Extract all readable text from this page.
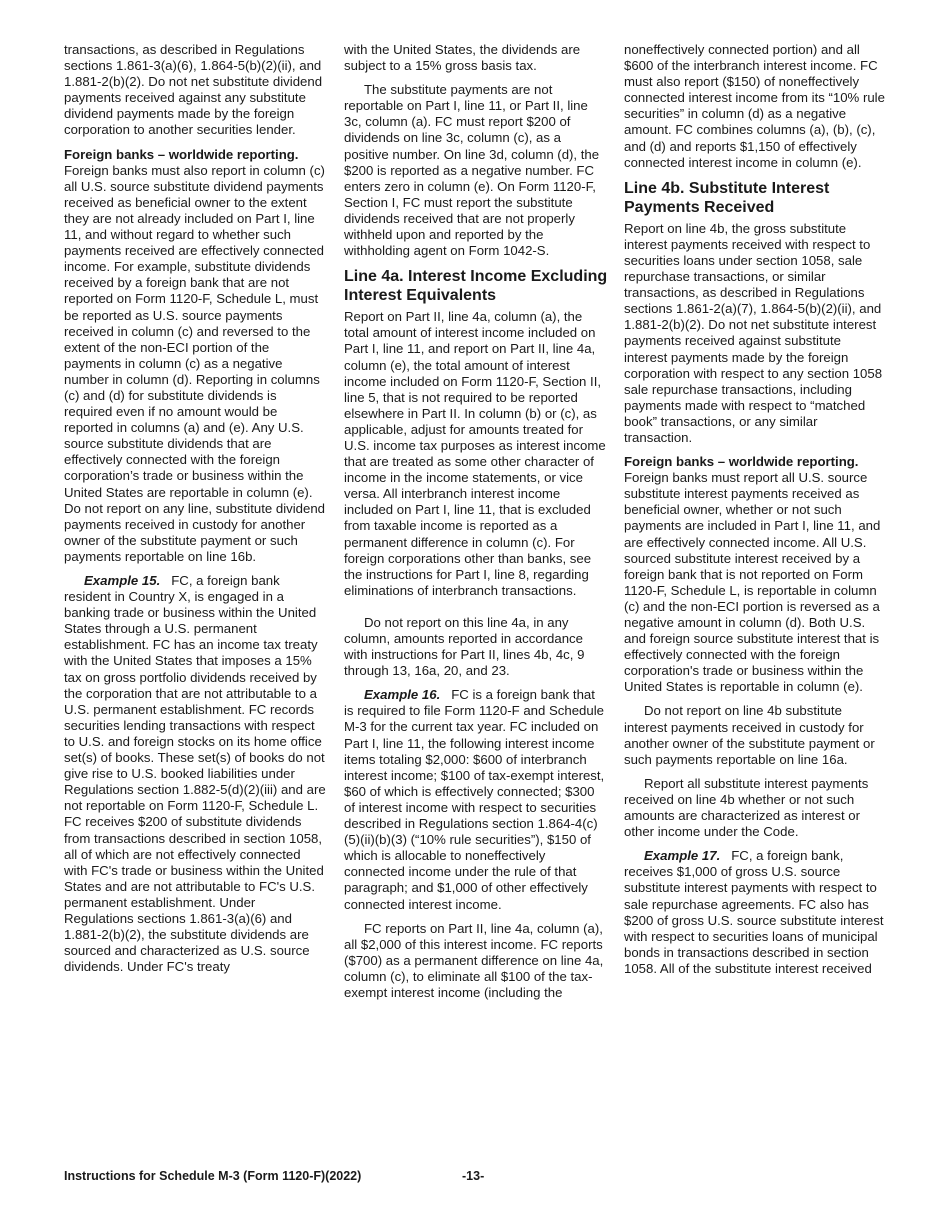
transactions, as described in Regulations sections 1.861-3(a)(6), 1.864-5(b)(2)(ii), and 1.881-2(b)(2). Do not net substitute dividend payments received against any substitute dividend payments made by the foreign corporation to another securities lender.

Foreign banks – worldwide reporting.  Foreign banks must also report in column (c) all U.S. source substitute dividend payments received as beneficial owner to the extent they are not already included on Part I, line 11, and without regard to whether such payments received are effectively connected income. For example, substitute dividends received by a foreign bank that are not reported on Form 1120-F, Schedule L, must be reported as U.S. source payments received in column (c) and reversed to the extent of the non-ECI portion of the payments in column (c) as a negative number in column (d). Reporting in columns (c) and (d) for substitute dividends is required even if no amount would be reported in columns (a) and (e). Any U.S. source substitute dividends that are effectively connected with the foreign corporation’s trade or business within the United States are reportable in column (e). Do not report on any line, substitute dividend payments received in custody for another owner of the substitute payment or such payments reportable on line 16b.

Example 15. FC, a foreign bank resident in Country X, is engaged in a banking trade or business within the United States through a U.S. permanent establishment. FC has an income tax treaty with the United States that imposes a 15% tax on gross portfolio dividends received by the corporation that are not attributable to a U.S. permanent establishment. FC records securities lending transactions with respect to U.S. and foreign stocks on its home office set(s) of books. These set(s) of books do not give rise to U.S. booked liabilities under Regulations section 1.882-5(d)(2)(iii) and are not reportable on Form 1120-F, Schedule L. FC receives $200 of substitute dividends from transactions described in section 1058, all of which are not effectively connected with FC's trade or business within the United States and are not attributable to FC's U.S. permanent establishment. Under Regulations sections 1.861-3(a)(6) and 1.881-2(b)(2), the substitute dividends are sourced and characterized as U.S. source dividends. Under FC's treaty

with the United States, the dividends are subject to a 15% gross basis tax.

The substitute payments are not reportable on Part I, line 11, or Part II, line 3c, column (a). FC must report $200 of dividends on line 3c, column (c), as a positive number. On line 3d, column (d), the $200 is reported as a negative number. FC enters zero in column (e). On Form 1120-F, Section I, FC must report the substitute dividends received that are not properly withheld upon and reported by the withholding agent on Form 1042-S.

Line 4a. Interest Income Excluding Interest Equivalents

Report on Part II, line 4a, column (a), the total amount of interest income included on Part I, line 11, and report on Part II, line 4a, column (e), the total amount of interest income included on Form 1120-F, Section II, line 5, that is not required to be reported elsewhere in Part II. In column (b) or (c), as applicable, adjust for amounts treated for U.S. income tax purposes as interest income that are treated as some other character of income in the income statements, or vice versa. All interbranch interest income included on Part I, line 11, that is excluded from taxable income is reported as a permanent difference in column (c). For foreign corporations other than banks, see the instructions for Part I, line 8, regarding eliminations of interbranch transactions.

Do not report on this line 4a, in any column, amounts reported in accordance with instructions for Part II, lines 4b, 4c, 9 through 13, 16a, 20, and 23.

Example 16. FC is a foreign bank that is required to file Form 1120-F and Schedule M-3 for the current tax year. FC included on Part I, line 11, the following interest income items totaling $2,000: $600 of interbranch interest income; $100 of tax-exempt interest, $60 of which is effectively connected; $300 of interest income with respect to securities described in Regulations section 1.864-4(c)(5)(ii)(b)(3) (“10% rule securities”), $150 of which is allocable to noneffectively connected income under the rule of that paragraph; and $1,000 of other effectively connected interest income.

FC reports on Part II, line 4a, column (a), all $2,000 of this interest income. FC reports ($700) as a permanent difference on line 4a, column (c), to eliminate all $100 of the tax-exempt interest income (including the

noneffectively connected portion) and all $600 of the interbranch interest income. FC must also report ($150) of noneffectively connected interest income from its “10% rule securities” in column (d) as a negative amount. FC combines columns (a), (b), (c), and (d) and reports $1,150 of effectively connected interest income in column (e).

Line 4b. Substitute Interest Payments Received

Report on line 4b, the gross substitute interest payments received with respect to securities loans under section 1058, sale repurchase transactions, or similar transactions, as described in Regulations sections 1.861-2(a)(7), 1.864-5(b)(2)(ii), and 1.881-2(b)(2). Do not net substitute interest payments received against substitute interest payments made by the foreign corporation with respect to any section 1058 sale repurchase transactions, including payments made with respect to “matched book” transactions, or any similar transaction.

Foreign banks – worldwide reporting.  Foreign banks must report all U.S. source substitute interest payments received as beneficial owner, whether or not such payments are included in Part I, line 11, and are effectively connected income. All U.S. sourced substitute interest received by a foreign bank that is not reported on Form 1120-F, Schedule L, is reportable in column (c) and the non-ECI portion is reversed as a negative amount in column (d). Both U.S. and foreign source substitute interest that is effectively connected with the foreign corporation's trade or business within the United States is reportable in column (e).

Do not report on line 4b substitute interest payments received in custody for another owner of the substitute payment or such payments reportable on line 16a.

Report all substitute interest payments received on line 4b whether or not such amounts are characterized as interest or other income under the Code.

Example 17. FC, a foreign bank, receives $1,000 of gross U.S. source substitute interest payments with respect to sale repurchase agreements. FC also has $200 of gross U.S. source substitute interest with respect to securities loans of municipal bonds in transactions described in section 1058. All of the substitute interest received

Instructions for Schedule M-3 (Form 1120-F)(2022)	-13-
